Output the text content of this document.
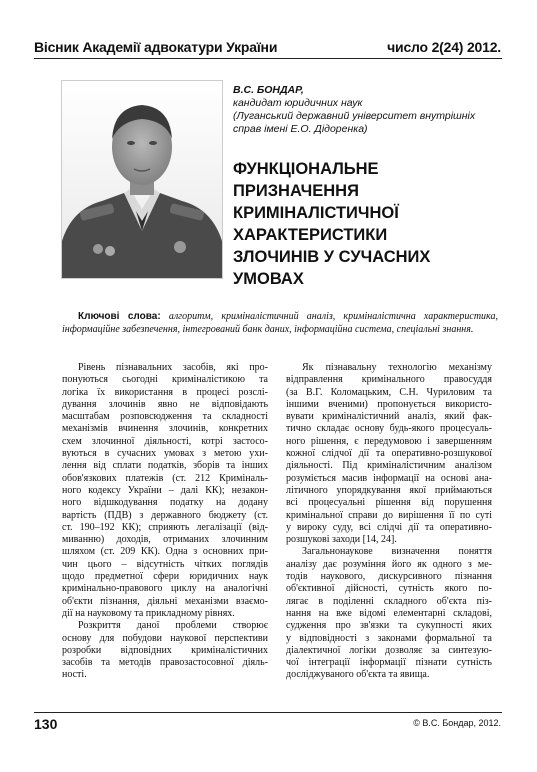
Вісник Академії адвокатури України	число 2(24) 2012.
В.С. БОНДАР,
кандидат юридичних наук
(Луганський державний університет внутрішніх
справ імені Е.О. Дідоренка)
ФУНКЦІОНАЛЬНЕ
ПРИЗНАЧЕННЯ
КРИМІНАЛІСТИЧНОЇ
ХАРАКТЕРИСТИКИ
ЗЛОЧИНІВ У СУЧАСНИХ
УМОВАХ
Ключові слова: алгоритм, криміналістичний аналіз, криміналістична характеристика, інформаційне забезпечення, інтегрований банк даних, інформаційна система, спеціальні знання.
Рівень пізнавальних засобів, які про-
понуються сьогодні криміналістикою та
логіка їх використання в процесі розслі-
дування злочинів явно не відповідають
масштабам розповсюдження та складності
механізмів вчинення злочинів, конкретних
схем злочинної діяльності, котрі застосо-
вуються в сучасних умовах з метою ухи-
лення від сплати податків, зборів та інших
обов'язкових платежів (ст. 212 Криміналь-
ного кодексу України – далі КК); незакон-
ного відшкодування податку на додану
вартість (ПДВ) з державного бюджету (ст.
ст. 190–192 КК); сприяють легалізації (від-
миванню) доходів, отриманих злочинним
шляхом (ст. 209 КК). Одна з основних при-
чин цього – відсутність чітких поглядів
щодо предметної сфери юридичних наук
кримінально-правового циклу на аналогічні
об'єкти пізнання, діяльні механізми взаємо-
дії на науковому та прикладному рівнях.
Розкриття даної проблеми створює
основу для побудови наукової перспективи
розробки відповідних криміналістичних
засобів та методів правозастосовної діяль-
ності.
Як пізнавальну технологію механізму
відправлення кримінального правосуддя
(за В.Г. Коломацьким, С.Н. Чуриловим та
іншими вченими) пропонується використо-
вувати криміналістичний аналіз, який фак-
тично складає основу будь-якого процесуаль-
ного рішення, є передумовою і завершенням
кожної слідчої дії та оперативно-розшукової
діяльності. Під криміналістичним аналізом
розуміється масив інформації на основі ана-
літичного упорядкування якої приймаються
всі процесуальні рішення від порушення
кримінальної справи до вирішення її по суті
у вироку суду, всі слідчі дії та оперативно-
розшукові заходи [14, 24].
Загальнонаукове визначення поняття
аналізу дає розуміння його як одного з ме-
тодів наукового, дискурсивного пізнання
об'єктивної дійсності, сутність якого по-
лягає в поділенні складного об'єкта пiз-
нання на вже відомі елементарні складові,
судження про зв'язки та сукупності яких
у відповідності з законами формальної та
діалектичної логіки дозволяє за синтезую-
чої інтеграції інформації пізнати сутність
досліджуваного об'єкта та явища.
130	© В.С. Бондар, 2012.
